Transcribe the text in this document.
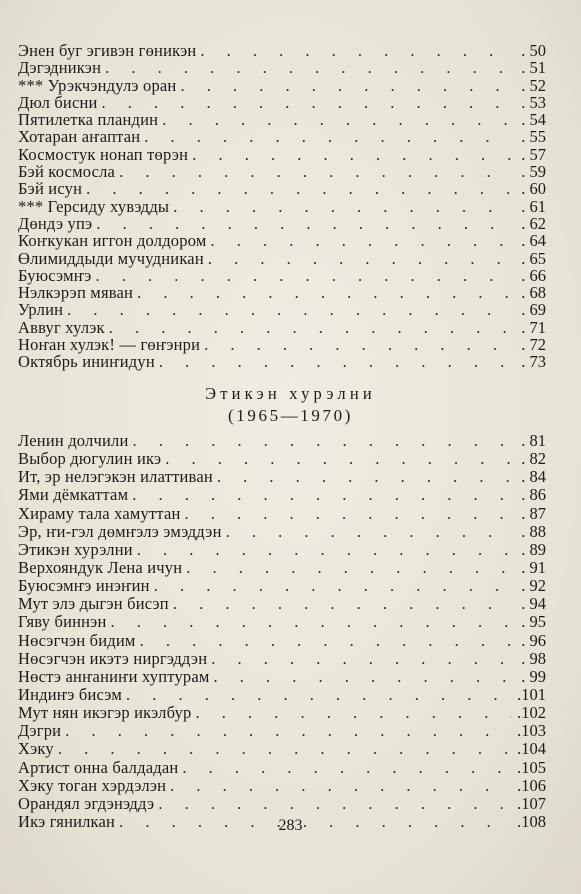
Энен буг эгивэн гөникэн . . .	. 50
Дэгэдникэн . . .	. 51
*** Урэкчэндулэ оран . . .	. 52
Дюл бисни . . .	. 53
Пятилетка пландин . . .	. 54
Хотаран аҥаптан . . .	. 55
Космостук нонап төрэн . . .	. 57
Бэй космосла . . .	. 59
Бэй исун . . .	. 60
*** Герсиду хувэдды . . .	. 61
Дөндэ упэ . . .	. 62
Коҥкукан иггон долдором . . .	. 64
Өлимиддыди мучудникан . . .	. 65
Буюсэмҥэ . . .	. 66
Нэлкэрэп мяван . . .	. 68
Урлин . . .	. 69
Аввуг хулэк . . .	. 71
Ноҥан хулэк! — гөҥэнри . . .	. 72
Октябрь иниҥидун . . .	. 73
Этикэн хурэлни
(1965—1970)
Ленин долчили . . .	. 81
Выбор дюгулин икэ . . .	. 82
Ит, эр нелэгэкэн илаттиван . . .	. 84
Ями дёмкаттам . . .	. 86
Хираму тала хамуттан . . .	. 87
Эр, ҥи-гэл дөмҥэлэ эмэддэн . . .	. 88
Этикэн хурэлни . . .	. 89
Верхояндук Лена ичун . . .	. 91
Буюсэмҥэ инэҥин . . .	. 92
Мут элэ дыгэн бисэп . . .	. 94
Гяву биннэн . . .	. 95
Нөсэгчэн бидим . . .	. 96
Нөсэгчэн икэтэ ниргэддэн . . .	. 98
Нөстэ анҥаниҥи хуптурам . . .	. 99
Индиҥэ бисэм . . .	.101
Мут нян икэгэр икэлбур . . .	.102
Дэгри . . .	.103
Хэку . . .	.104
Артист онна балдадан . . .	.105
Хэку тоган хэрдэлэн . . .	.106
Орандял эгдэнэддэ . . .	.107
Икэ гянилкан . . .	.108
283
